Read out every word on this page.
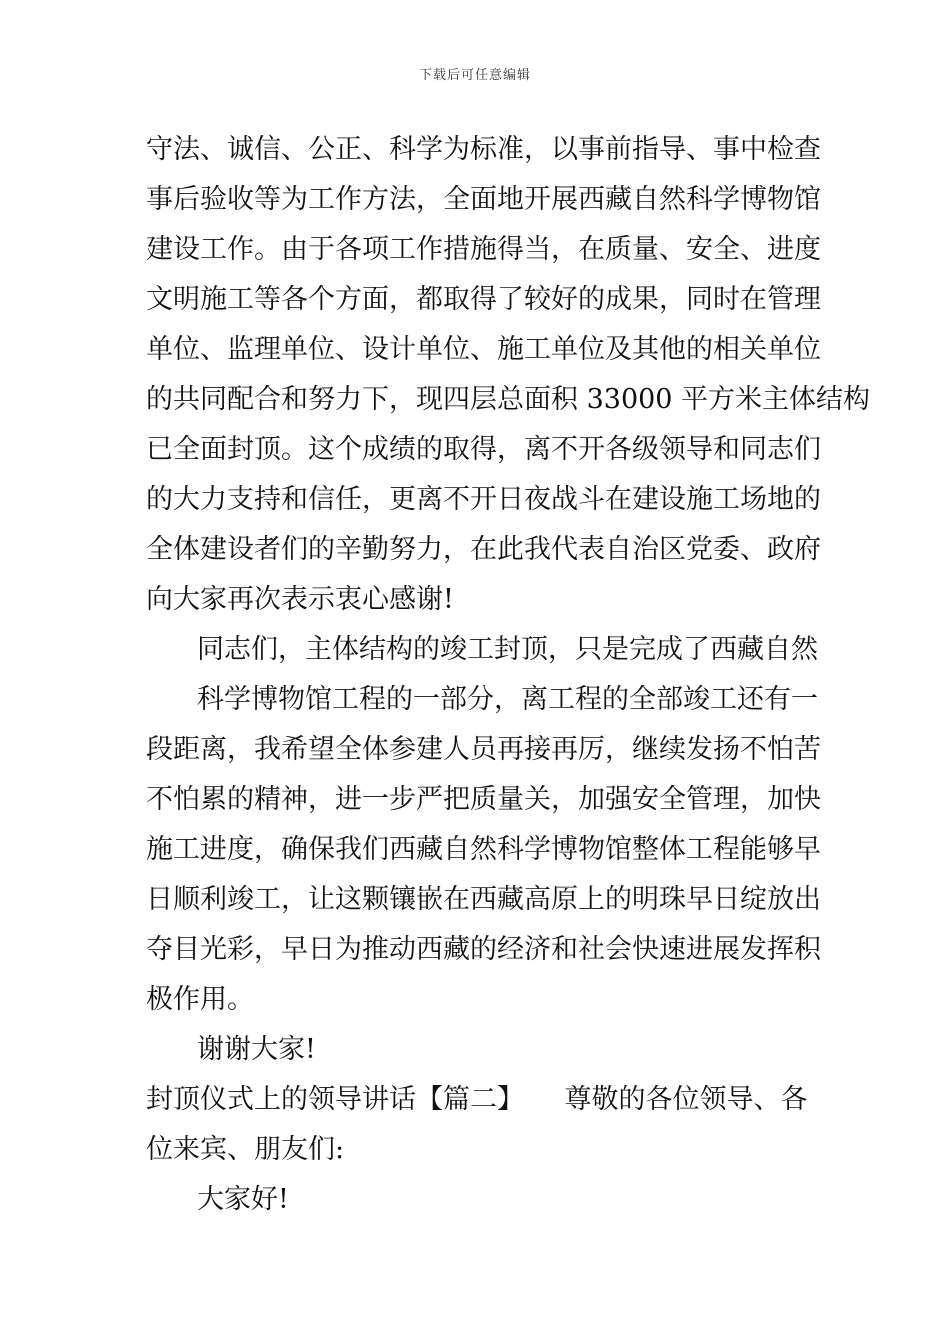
下载后可任意编辑
守法、诚信、公正、科学为标准，以事前指导、事中检查
事后验收等为工作方法，全面地开展西藏自然科学博物馆
建设工作。由于各项工作措施得当，在质量、安全、进度
文明施工等各个方面，都取得了较好的成果，同时在管理
单位、监理单位、设计单位、施工单位及其他的相关单位
的共同配合和努力下，现四层总面积 33000 平方米主体结构
已全面封顶。这个成绩的取得，离不开各级领导和同志们
的大力支持和信任，更离不开日夜战斗在建设施工场地的
全体建设者们的辛勤努力，在此我代表自治区党委、政府
向大家再次表示衷心感谢!
同志们，主体结构的竣工封顶，只是完成了西藏自然
科学博物馆工程的一部分，离工程的全部竣工还有一
段距离，我希望全体参建人员再接再厉，继续发扬不怕苦
不怕累的精神，进一步严把质量关，加强安全管理，加快
施工进度，确保我们西藏自然科学博物馆整体工程能够早
日顺利竣工，让这颗镶嵌在西藏高原上的明珠早日绽放出
夺目光彩，早日为推动西藏的经济和社会快速进展发挥积
极作用。
谢谢大家!
封顶仪式上的领导讲话【篇二】　　尊敬的各位领导、各
位来宾、朋友们:
大家好!
